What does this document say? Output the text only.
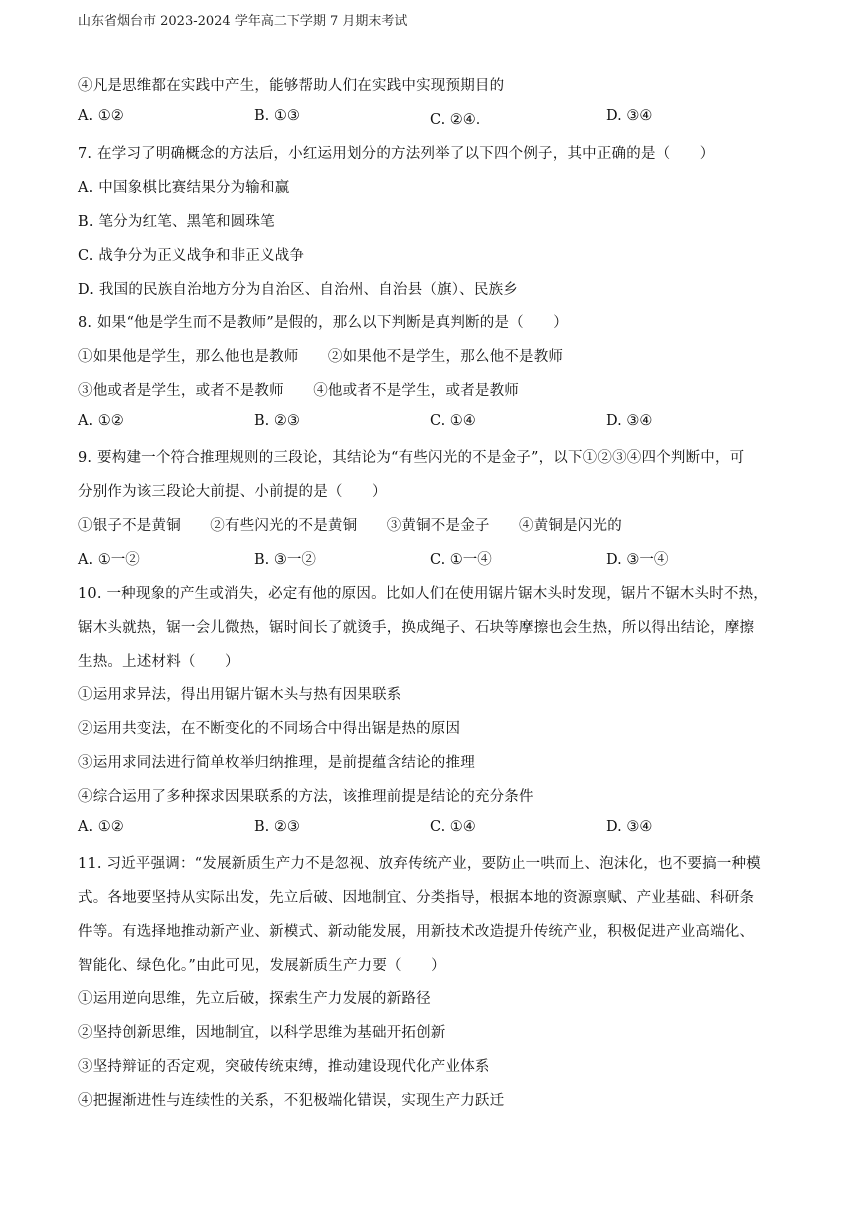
山东省烟台市 2023-2024 学年高二下学期 7 月期末考试
④凡是思维都在实践中产生，能够帮助人们在实践中实现预期目的
A. ①②	B. ①③	C. ②④．	D. ③④
7. 在学习了明确概念的方法后，小红运用划分的方法列举了以下四个例子，其中正确的是（　　）
A. 中国象棋比赛结果分为输和赢
B. 笔分为红笔、黑笔和圆珠笔
C. 战争分为正义战争和非正义战争
D. 我国的民族自治地方分为自治区、自治州、自治县（旗）、民族乡
8. 如果“他是学生而不是教师”是假的，那么以下判断是真判断的是（　　）
①如果他是学生，那么他也是教师　　②如果他不是学生，那么他不是教师
③他或者是学生，或者不是教师　　④他或者不是学生，或者是教师
A. ①②	B. ②③	C. ①④	D. ③④
9. 要构建一个符合推理规则的三段论，其结论为“有些闪光的不是金子”，以下①②③④四个判断中，可
分别作为该三段论大前提、小前提的是（　　）
①银子不是黄铜　　②有些闪光的不是黄铜　　③黄铜不是金子　　④黄铜是闪光的
A. ①一②	B. ③一②	C. ①一④	D. ③一④
10. 一种现象的产生或消失，必定有他的原因。比如人们在使用锯片锯木头时发现，锯片不锯木头时不热，
锯木头就热，锯一会儿微热，锯时间长了就烫手，换成绳子、石块等摩擦也会生热，所以得出结论，摩擦
生热。上述材料（　　）
①运用求异法，得出用锯片锯木头与热有因果联系
②运用共变法，在不断变化的不同场合中得出锯是热的原因
③运用求同法进行简单枚举归纳推理，是前提蕴含结论的推理
④综合运用了多种探求因果联系的方法，该推理前提是结论的充分条件
A. ①②	B. ②③	C. ①④	D. ③④
11. 习近平强调：“发展新质生产力不是忽视、放弃传统产业，要防止一哄而上、泡沫化，也不要搞一种模
式。各地要坚持从实际出发，先立后破、因地制宜、分类指导，根据本地的资源禀赋、产业基础、科研条
件等。有选择地推动新产业、新模式、新动能发展，用新技术改造提升传统产业，积极促进产业高端化、
智能化、绿色化。”由此可见，发展新质生产力要（　　）
①运用逆向思维，先立后破，探索生产力发展的新路径
②坚持创新思维，因地制宜，以科学思维为基础开拓创新
③坚持辩证的否定观，突破传统束缚，推动建设现代化产业体系
④把握渐进性与连续性的关系，不犯极端化错误，实现生产力跃迁
